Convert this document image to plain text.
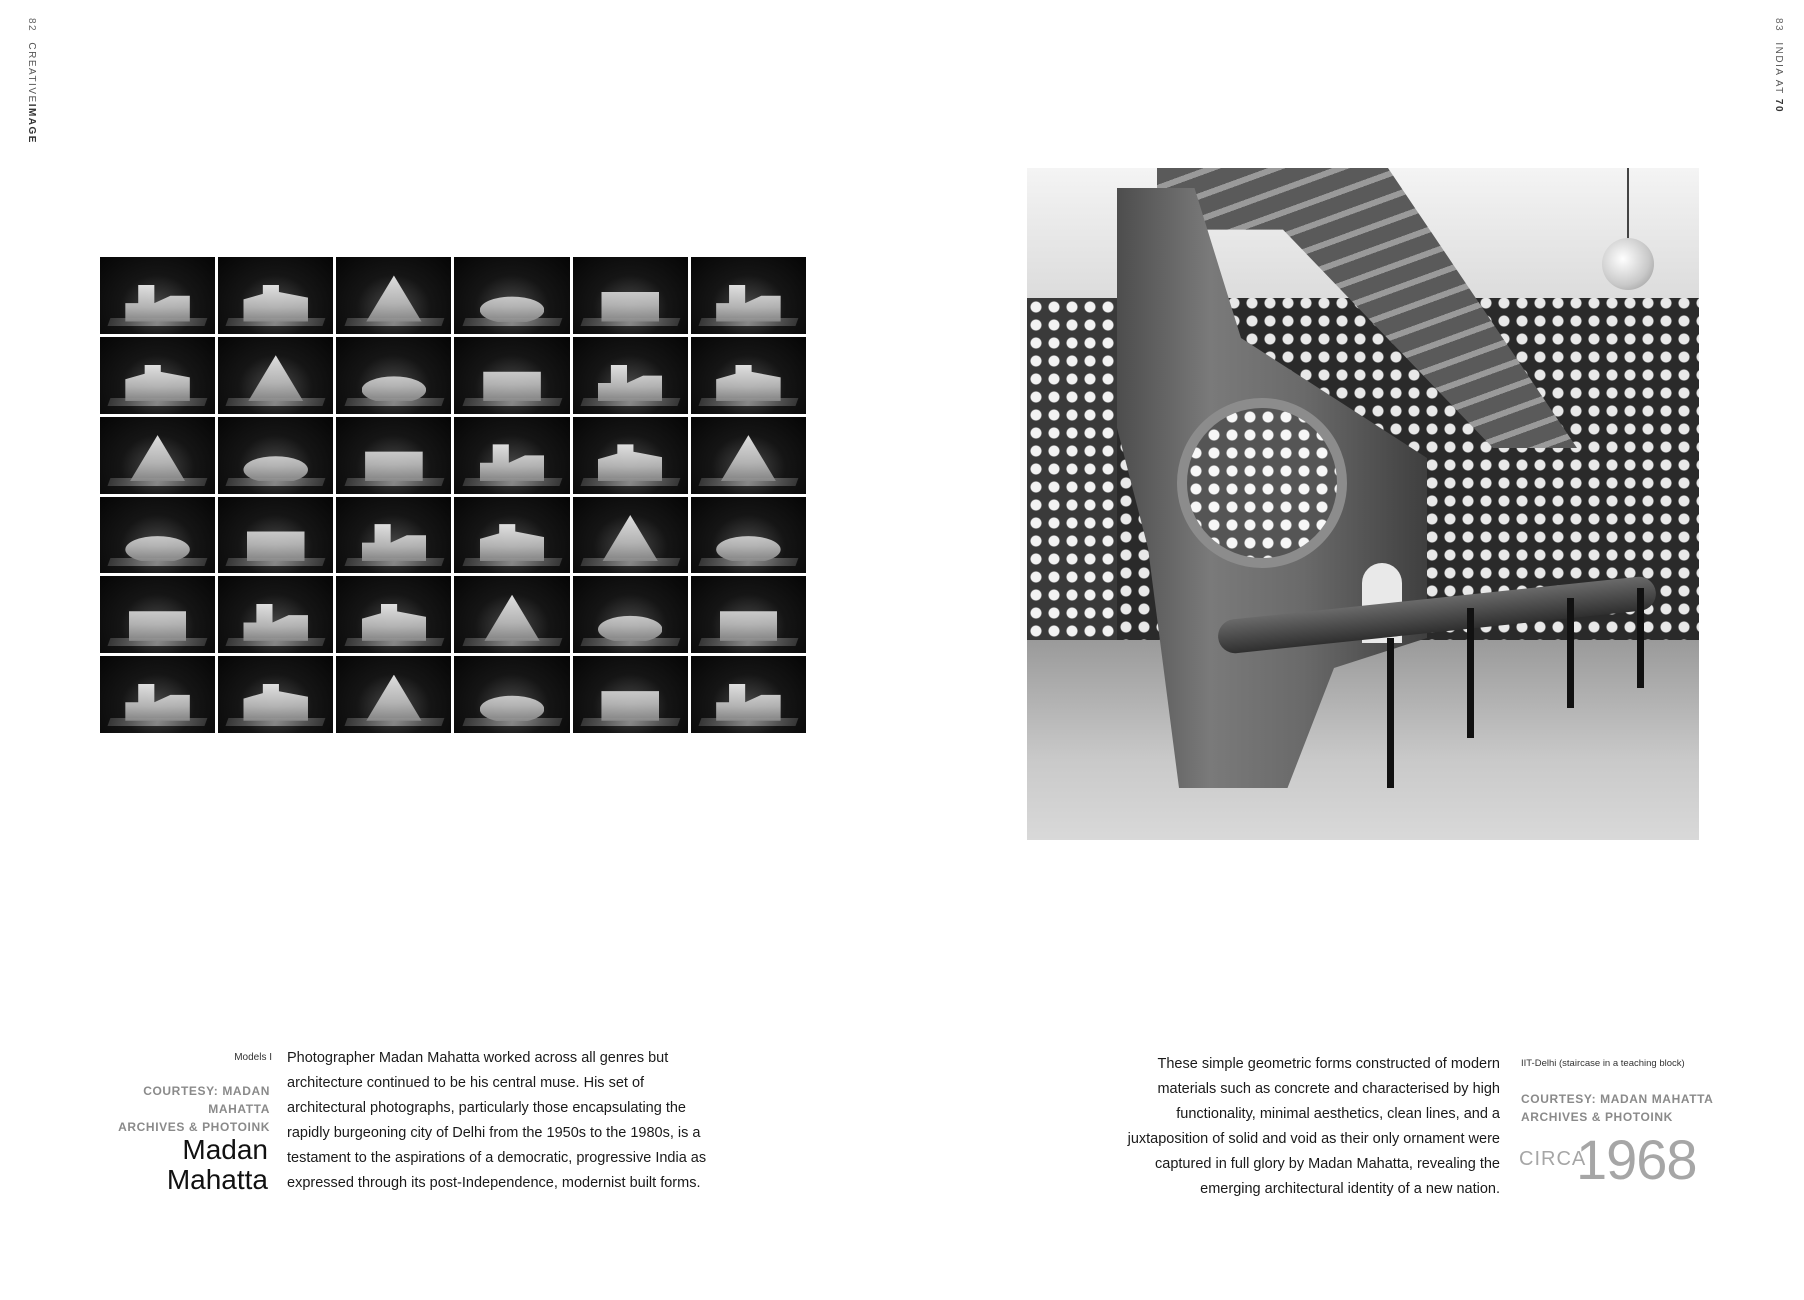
82 CREATIVEIMAGE
83 INDIA AT 70
Models I
COURTESY: MADAN MAHATTA
ARCHIVES & PHOTOINK
Madan
Mahatta
Photographer Madan Mahatta worked across all genres but
architecture continued to be his central muse. His set of
architectural photographs, particularly those encapsulating the
rapidly burgeoning city of Delhi from the 1950s to the 1980s, is a
testament to the aspirations of a democratic, progressive India as
expressed through its post-Independence, modernist built forms.
These simple geometric forms constructed of modern
materials such as concrete and characterised by high
functionality, minimal aesthetics, clean lines, and a
juxtaposition of solid and void as their only ornament were
captured in full glory by Madan Mahatta, revealing the
emerging architectural identity of a new nation.
IIT-Delhi (staircase in a teaching block)
COURTESY: MADAN MAHATTA
ARCHIVES & PHOTOINK
CIRCA
1968
